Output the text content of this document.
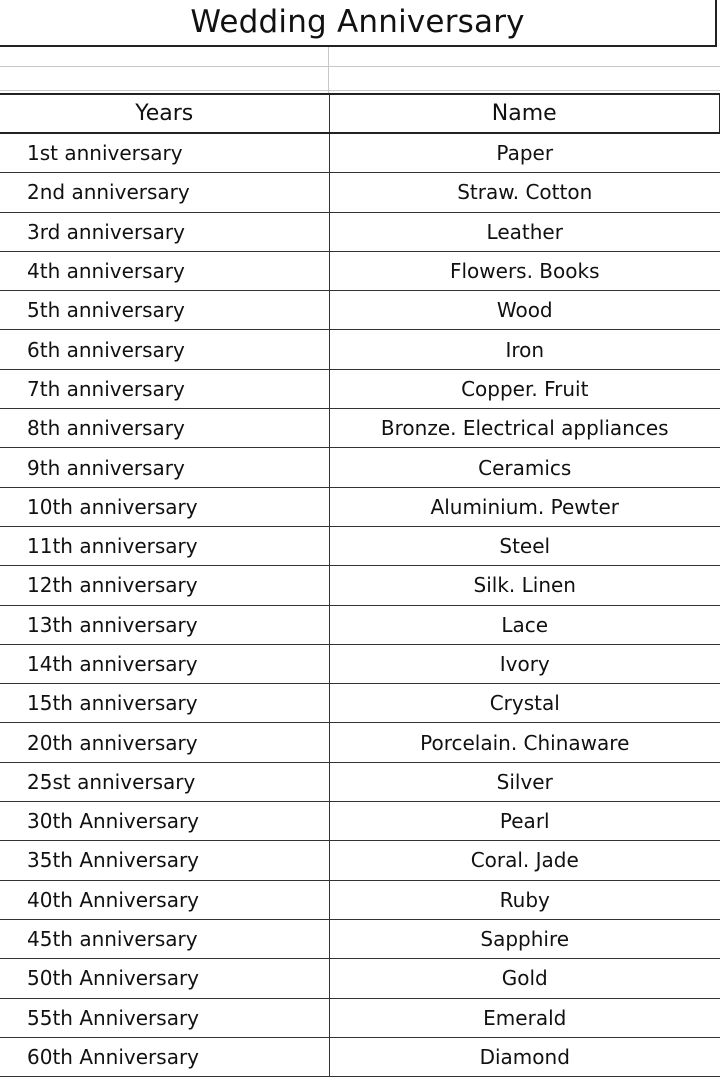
Wedding Anniversary
Years	Name
1st anniversary	Paper
2nd anniversary	Straw. Cotton
3rd anniversary	Leather
4th anniversary	Flowers. Books
5th anniversary	Wood
6th anniversary	Iron
7th anniversary	Copper. Fruit
8th anniversary	Bronze. Electrical appliances
9th anniversary	Ceramics
10th anniversary	Aluminium. Pewter
11th anniversary	Steel
12th anniversary	Silk. Linen
13th anniversary	Lace
14th anniversary	Ivory
15th anniversary	Crystal
20th anniversary	Porcelain. Chinaware
25st anniversary	Silver
30th Anniversary	Pearl
35th Anniversary	Coral. Jade
40th Anniversary	Ruby
45th anniversary	Sapphire
50th Anniversary	Gold
55th Anniversary	Emerald
60th Anniversary	Diamond
